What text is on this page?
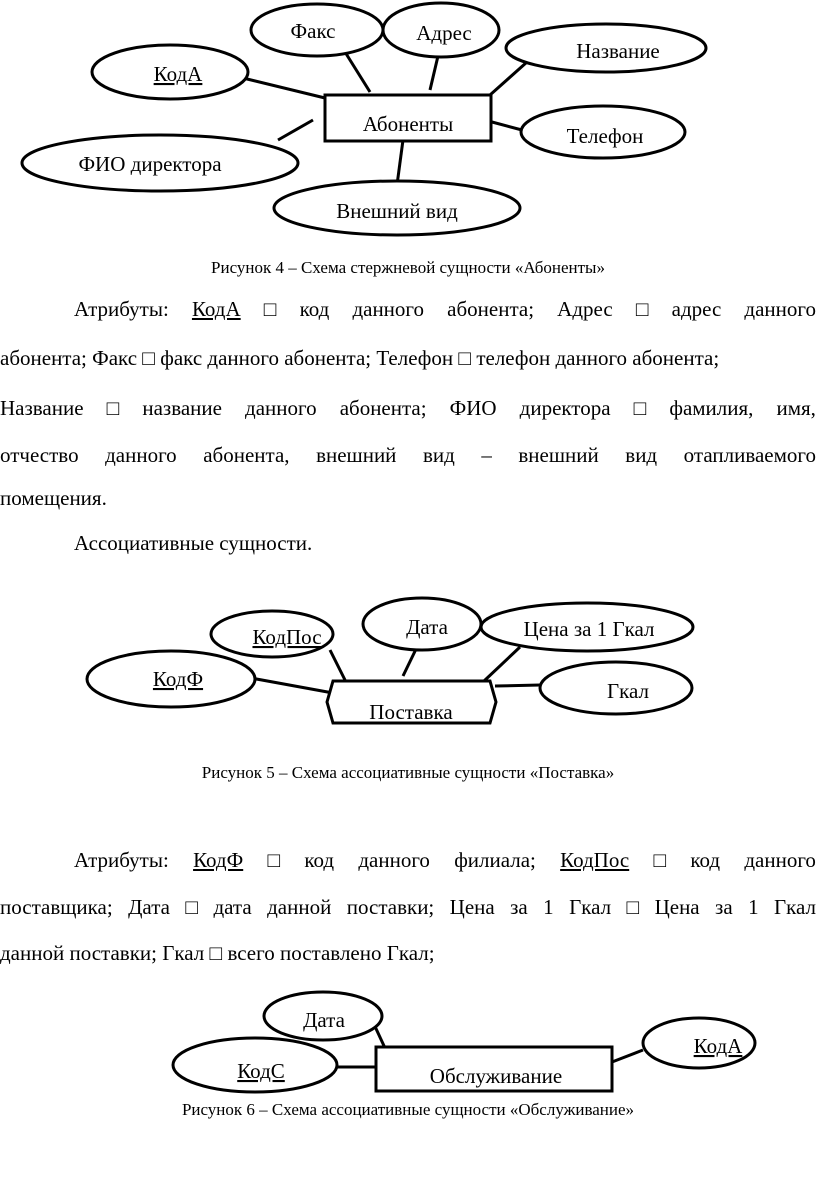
Абоненты
Факс	Адрес
Название
КодА
Телефон
ФИО директора
Внешний вид
Рисунок 4 – Схема стержневой сущности «Абоненты»
Атрибуты: КодА □ код данного абонента; Адрес □ адрес данного
абонента; Факс □ факс данного абонента; Телефон □ телефон данного абонента;
Название □ название данного абонента; ФИО директора □ фамилия, имя,
отчество данного абонента, внешний вид – внешний вид отапливаемого
помещения.
Ассоциативные сущности.
Поставка
КодПос	Дата	Цена за 1 Гкал
КодФ	Гкал
Рисунок 5 – Схема ассоциативные сущности «Поставка»
Атрибуты: КодФ □ код данного филиала; КодПос □ код данного
поставщика; Дата □ дата данной поставки; Цена за 1 Гкал □ Цена за 1 Гкал
данной поставки; Гкал □ всего поставлено Гкал;
Обслуживание
Дата
КодС
КодА
Рисунок 6 – Схема ассоциативные сущности «Обслуживание»
